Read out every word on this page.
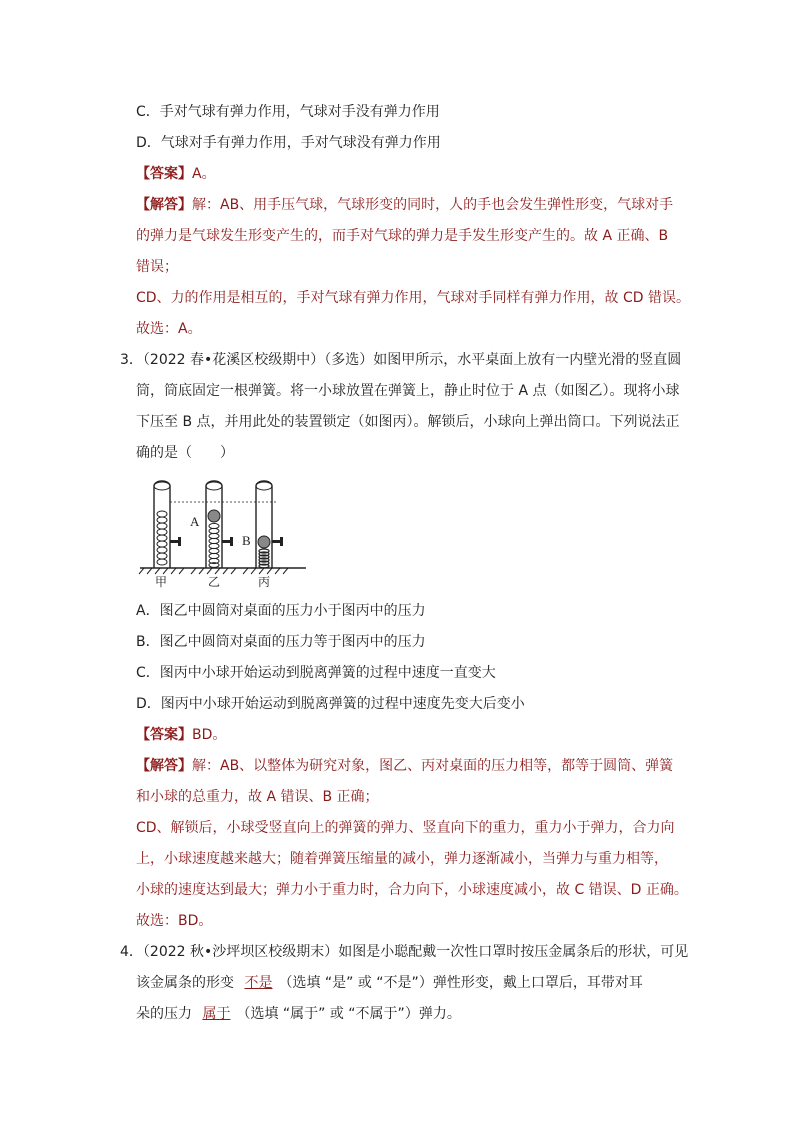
C．手对气球有弹力作用，气球对手没有弹力作用
D．气球对手有弹力作用，手对气球没有弹力作用
【答案】A。
【解答】解：AB、用手压气球，气球形变的同时，人的手也会发生弹性形变，气球对手
的弹力是气球发生形变产生的，而手对气球的弹力是手发生形变产生的。故 A 正确、B
错误；
CD、力的作用是相互的，手对气球有弹力作用，气球对手同样有弹力作用，故 CD 错误。
故选：A。
3．（2022 春•花溪区校级期中）（多选）如图甲所示，水平桌面上放有一内壁光滑的竖直圆
筒，筒底固定一根弹簧。将一小球放置在弹簧上，静止时位于 A 点（如图乙）。现将小球
下压至 B 点，并用此处的装置锁定（如图丙）。解锁后，小球向上弹出筒口。下列说法正
确的是（　　）
A
B
甲	乙	丙
A．图乙中圆筒对桌面的压力小于图丙中的压力
B．图乙中圆筒对桌面的压力等于图丙中的压力
C．图丙中小球开始运动到脱离弹簧的过程中速度一直变大
D．图丙中小球开始运动到脱离弹簧的过程中速度先变大后变小
【答案】BD。
【解答】解：AB、以整体为研究对象，图乙、丙对桌面的压力相等，都等于圆筒、弹簧
和小球的总重力，故 A 错误、B 正确；
CD、解锁后，小球受竖直向上的弹簧的弹力、竖直向下的重力，重力小于弹力，合力向
上，小球速度越来越大；随着弹簧压缩量的减小，弹力逐渐减小，当弹力与重力相等，
小球的速度达到最大；弹力小于重力时，合力向下，小球速度减小，故 C 错误、D 正确。
故选：BD。
4．（2022 秋•沙坪坝区校级期末）如图是小聪配戴一次性口罩时按压金属条后的形状，可见
该金属条的形变 不是 （选填 “是” 或 “不是”）弹性形变，戴上口罩后，耳带对耳
朵的压力 属于 （选填 “属于” 或 “不属于”）弹力。
